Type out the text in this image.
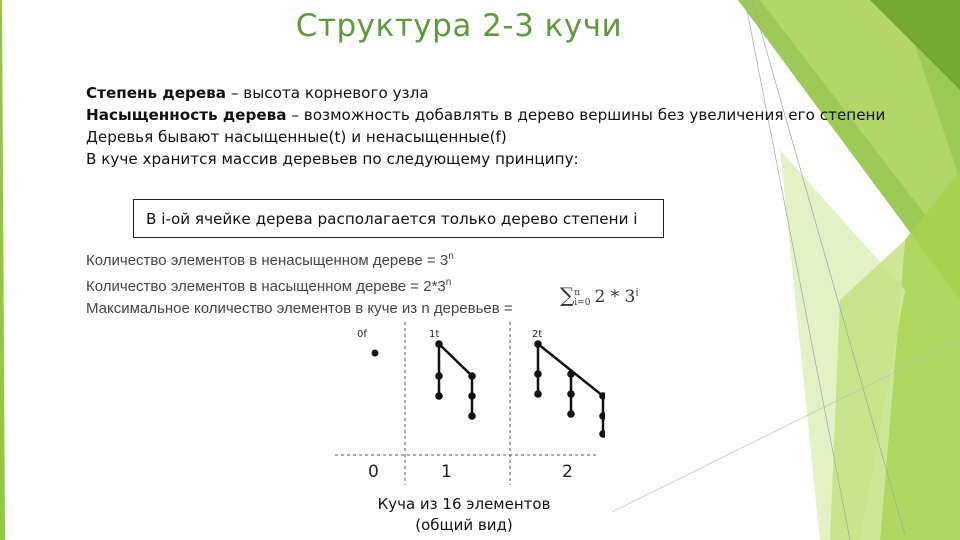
Структура 2-3 кучи
Степень дерева – высота корневого узла
Насыщенность дерева – возможность добавлять в дерево вершины без увеличения его степени
Деревья бывают насыщенные(t) и ненасыщенные(f)
В куче хранится массив деревьев по следующему принципу:
В i-ой ячейке дерева располагается только дерево степени i
Количество элементов в ненасыщенном дереве = $3^n$
Количество элементов в насыщенном дереве = $2*3^n$
Максимальное количество элементов в куче из n деревьев =
∑n
i=0 2 * 3$^i$
0f	1t	2t
0	1	2
Куча из 16 элементов
(общий вид)
